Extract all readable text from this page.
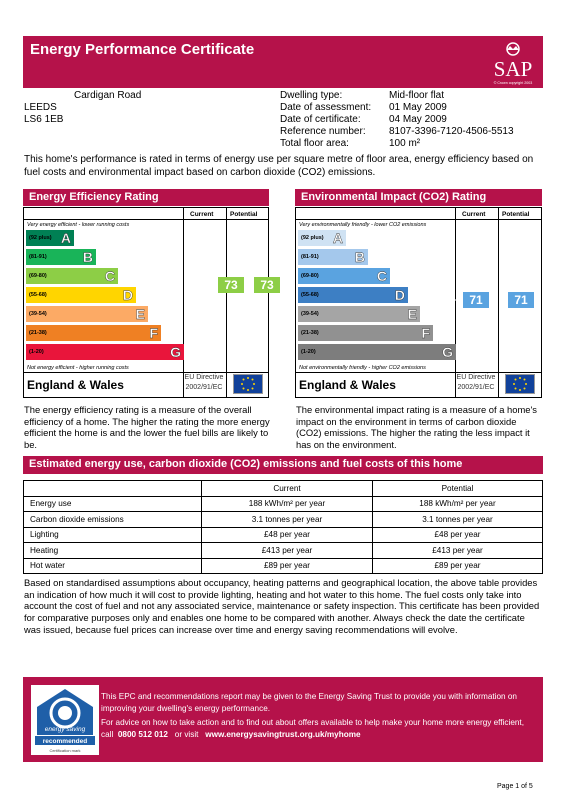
Energy Performance Certificate
SAP
© Crown copyright 2003
Cardigan Road
LEEDS
LS6 1EB
Dwelling type:	Mid-floor flat
Date of assessment: 01 May 2009
Date of certificate:	04 May 2009
Reference number: 8107-3396-7120-4506-5513
Total floor area:	100 m²
This home's performance is rated in terms of energy use per square metre of floor area, energy efficiency based on fuel costs and environmental impact based on carbon dioxide (CO2) emissions.
Energy Efficiency Rating
Current	Potential
Very energy efficient - lower running costs
(92 plus) A
(81-91)	B
(69-80)	C
(55-68)	D
(39-54)	E
(21-38)	F
(1-20)	G
Not energy efficient - higher running costs
73	73
England & Wales
EU Directive
2002/91/EC
Environmental Impact (CO2) Rating
Current	Potential
Very environmentally friendly - lower CO2 emissions
(92 plus) A
(81-91)	B
(69-80)	C
(55-68)	D
(39-54)	E
(21-38)	F
(1-20)	G
Not environmentally friendly - higher CO2 emissions
71	71
England & Wales
EU Directive
2002/91/EC
The energy efficiency rating is a measure of the overall efficiency of a home. The higher the rating the more energy efficient the home is and the lower the fuel bills are likely to be.
The environmental impact rating is a measure of a home's impact on the environment in terms of carbon dioxide (CO2) emissions. The higher the rating the less impact it has on the environment.
Estimated energy use, carbon dioxide (CO2) emissions and fuel costs of this home
	Current	Potential
Energy use	188 kWh/m² per year	188 kWh/m² per year
Carbon dioxide emissions	3.1 tonnes per year	3.1 tonnes per year
Lighting	£48 per year	£48 per year
Heating	£413 per year	£413 per year
Hot water	£89 per year	£89 per year
Based on standardised assumptions about occupancy, heating patterns and geographical location, the above table provides an indication of how much it will cost to provide lighting, heating and hot water to this home. The fuel costs only take into account the cost of fuel and not any associated service, maintenance or safety inspection. This certificate has been provided for comparative purposes only and enables one home to be compared with another. Always check the date the certificate was issued, because fuel prices can increase over time and energy saving recommendations will evolve.
energy saving
recommended
Certification mark
This EPC and recommendations report may be given to the Energy Saving Trust to provide you with information on improving your dwelling's energy performance.
For advice on how to take action and to find out about offers available to help make your home more energy efficient, call 0800 512 012 or visit www.energysavingtrust.org.uk/myhome
Page 1 of 5
